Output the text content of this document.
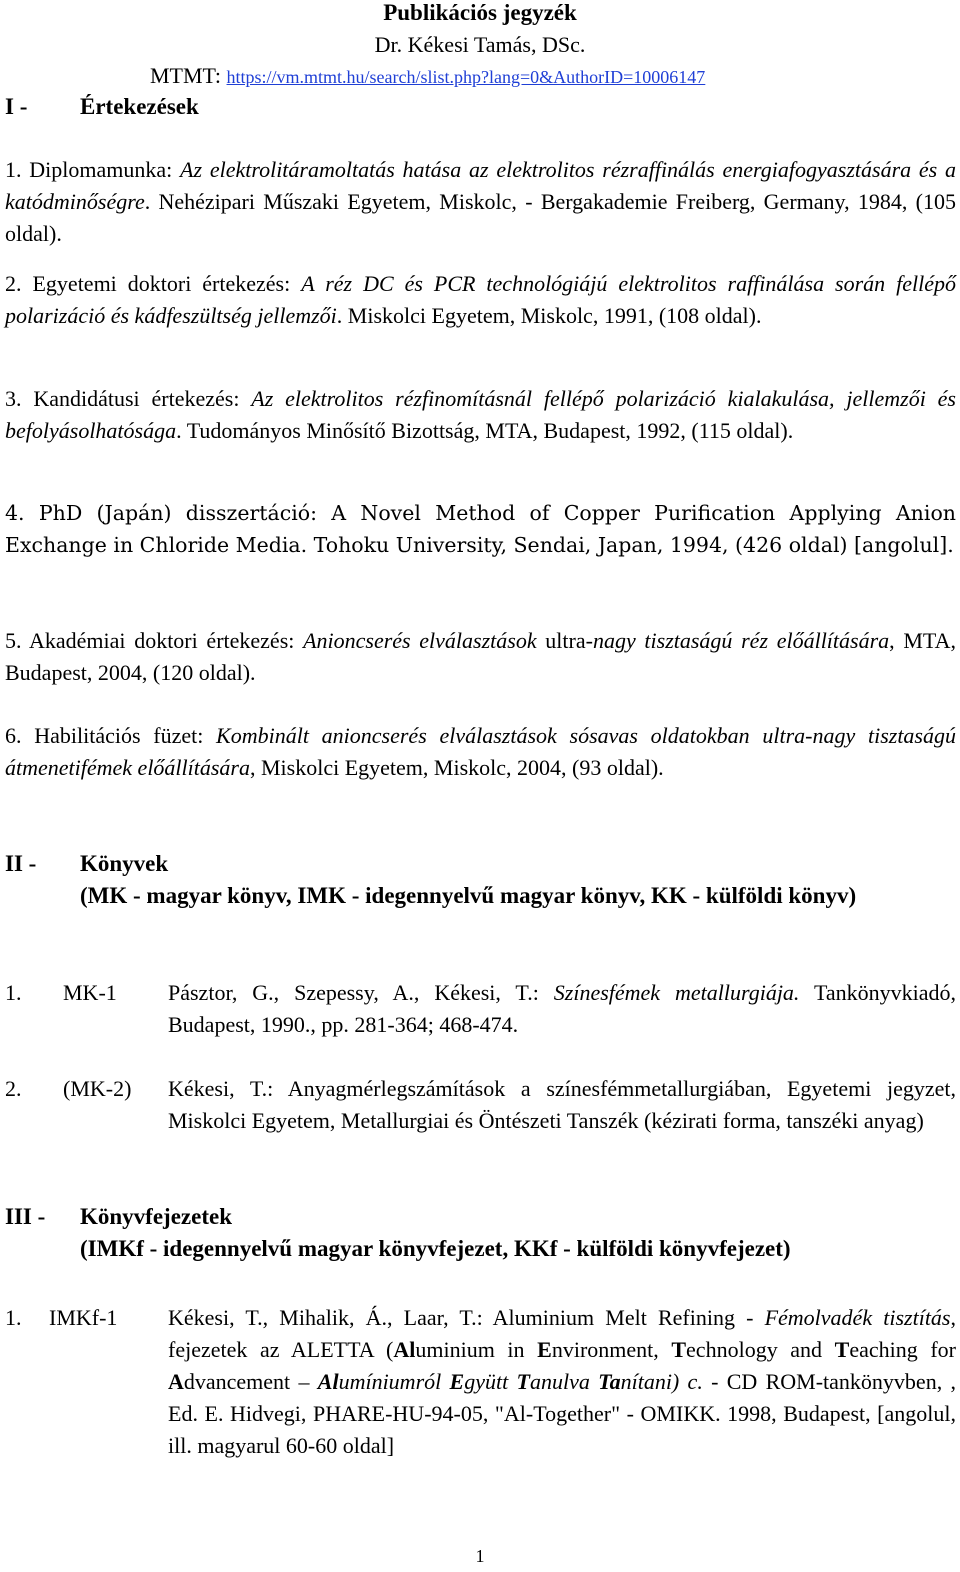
Publikációs jegyzék
Dr. Kékesi Tamás, DSc.
MTMT: https://vm.mtmt.hu/search/slist.php?lang=0&AuthorID=10006147
I - Értekezések
1. Diplomamunka: Az elektrolitáramoltatás hatása az elektrolitos rézraffinálás energiafogyasztására és a katódminőségre. Nehézipari Műszaki Egyetem, Miskolc, - Bergakademie Freiberg, Germany, 1984, (105 oldal).
2. Egyetemi doktori értekezés: A réz DC és PCR technológiájú elektrolitos raffinálása során fellépő polarizáció és kádfeszültség jellemzői. Miskolci Egyetem, Miskolc, 1991, (108 oldal).
3. Kandidátusi értekezés: Az elektrolitos rézfinomításnál fellépő polarizáció kialakulása, jellemzői és befolyásolhatósága. Tudományos Minősítő Bizottság, MTA, Budapest, 1992, (115 oldal).
4. PhD (Japán) disszertáció: A Novel Method of Copper Purification Applying Anion Exchange in Chloride Media. Tohoku University, Sendai, Japan, 1994, (426 oldal) [angolul].
5. Akadémiai doktori értekezés: Anioncserés elválasztások ultra-nagy tisztaságú réz előállítására, MTA, Budapest, 2004, (120 oldal).
6. Habilitációs füzet: Kombinált anioncserés elválasztások sósavas oldatokban ultra-nagy tisztaságú átmenetifémek előállítására, Miskolci Egyetem, Miskolc, 2004, (93 oldal).
II - Könyvek
(MK - magyar könyv, IMK - idegennyelvű magyar könyv, KK - külföldi könyv)
1. MK-1 Pásztor, G., Szepessy, A., Kékesi, T.: Színesfémek metallurgiája. Tankönyvkiadó, Budapest, 1990., pp. 281-364; 468-474.
2. (MK-2) Kékesi, T.: Anyagmérlegszámítások a színesfémmetallurgiában, Egyetemi jegyzet, Miskolci Egyetem, Metallurgiai és Öntészeti Tanszék (kézirati forma, tanszéki anyag)
III - Könyvfejezetek
(IMKf - idegennyelvű magyar könyvfejezet, KKf - külföldi könyvfejezet)
1. IMKf-1 Kékesi, T., Mihalik, Á., Laar, T.: Aluminium Melt Refining - Fémolvadék tisztítás, fejezetek az ALETTA (Aluminium in Environment, Technology and Teaching for Advancement – Alumíniumról Együtt Tanulva Tanítani) c. - CD ROM-tankönyvben, , Ed. E. Hidvegi, PHARE-HU-94-05, "Al-Together" - OMIKK. 1998, Budapest, [angolul, ill. magyarul 60-60 oldal]
1
